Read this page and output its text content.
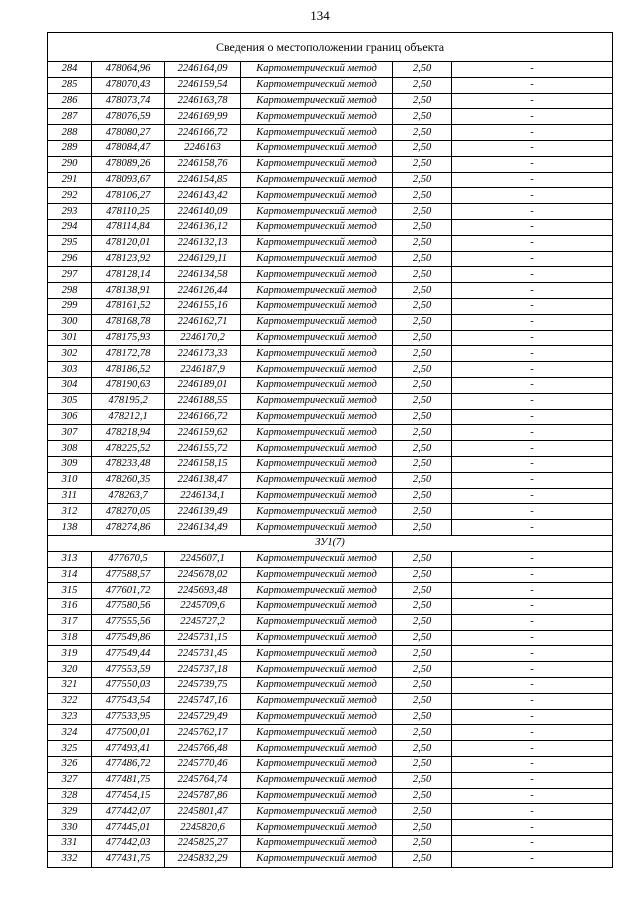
134
Сведения о местоположении границ объекта					
284	478064,96	2246164,09	Картометрический метод	2,50	-
285	478070,43	2246159,54	Картометрический метод	2,50	-
286	478073,74	2246163,78	Картометрический метод	2,50	-
287	478076,59	2246169,99	Картометрический метод	2,50	-
288	478080,27	2246166,72	Картометрический метод	2,50	-
289	478084,47	2246163	Картометрический метод	2,50	-
290	478089,26	2246158,76	Картометрический метод	2,50	-
291	478093,67	2246154,85	Картометрический метод	2,50	-
292	478106,27	2246143,42	Картометрический метод	2,50	-
293	478110,25	2246140,09	Картометрический метод	2,50	-
294	478114,84	2246136,12	Картометрический метод	2,50	-
295	478120,01	2246132,13	Картометрический метод	2,50	-
296	478123,92	2246129,11	Картометрический метод	2,50	-
297	478128,14	2246134,58	Картометрический метод	2,50	-
298	478138,91	2246126,44	Картометрический метод	2,50	-
299	478161,52	2246155,16	Картометрический метод	2,50	-
300	478168,78	2246162,71	Картометрический метод	2,50	-
301	478175,93	2246170,2	Картометрический метод	2,50	-
302	478172,78	2246173,33	Картометрический метод	2,50	-
303	478186,52	2246187,9	Картометрический метод	2,50	-
304	478190,63	2246189,01	Картометрический метод	2,50	-
305	478195,2	2246188,55	Картометрический метод	2,50	-
306	478212,1	2246166,72	Картометрический метод	2,50	-
307	478218,94	2246159,62	Картометрический метод	2,50	-
308	478225,52	2246155,72	Картометрический метод	2,50	-
309	478233,48	2246158,15	Картометрический метод	2,50	-
310	478260,35	2246138,47	Картометрический метод	2,50	-
311	478263,7	2246134,1	Картометрический метод	2,50	-
312	478270,05	2246139,49	Картометрический метод	2,50	-
138	478274,86	2246134,49	Картометрический метод	2,50	-
ЗУ1(7)					
313	477670,5	2245607,1	Картометрический метод	2,50	-
314	477588,57	2245678,02	Картометрический метод	2,50	-
315	477601,72	2245693,48	Картометрический метод	2,50	-
316	477580,56	2245709,6	Картометрический метод	2,50	-
317	477555,56	2245727,2	Картометрический метод	2,50	-
318	477549,86	2245731,15	Картометрический метод	2,50	-
319	477549,44	2245731,45	Картометрический метод	2,50	-
320	477553,59	2245737,18	Картометрический метод	2,50	-
321	477550,03	2245739,75	Картометрический метод	2,50	-
322	477543,54	2245747,16	Картометрический метод	2,50	-
323	477533,95	2245729,49	Картометрический метод	2,50	-
324	477500,01	2245762,17	Картометрический метод	2,50	-
325	477493,41	2245766,48	Картометрический метод	2,50	-
326	477486,72	2245770,46	Картометрический метод	2,50	-
327	477481,75	2245764,74	Картометрический метод	2,50	-
328	477454,15	2245787,86	Картометрический метод	2,50	-
329	477442,07	2245801,47	Картометрический метод	2,50	-
330	477445,01	2245820,6	Картометрический метод	2,50	-
331	477442,03	2245825,27	Картометрический метод	2,50	-
332	477431,75	2245832,29	Картометрический метод	2,50	-
